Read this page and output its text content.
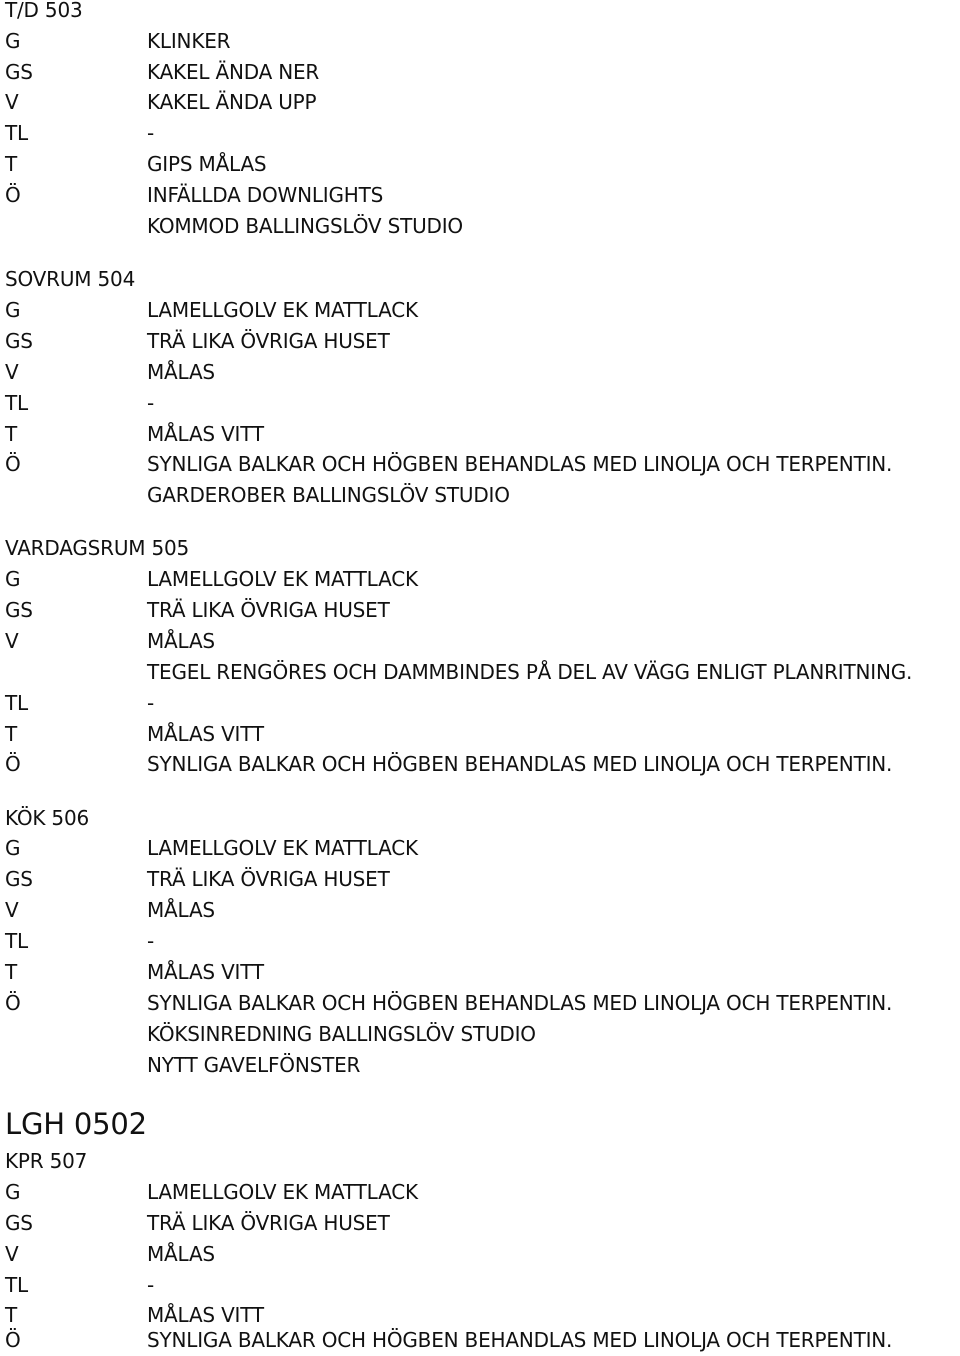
T/D 503
G	KLINKER
GS	KAKEL ÄNDA NER
V	KAKEL ÄNDA UPP
TL	-
T	GIPS MÅLAS
Ö	INFÄLLDA DOWNLIGHTS
KOMMOD BALLINGSLÖV STUDIO
SOVRUM 504
G	LAMELLGOLV EK MATTLACK
GS	TRÄ LIKA ÖVRIGA HUSET
V	MÅLAS
TL	-
T	MÅLAS VITT
Ö	SYNLIGA BALKAR OCH HÖGBEN BEHANDLAS MED LINOLJA OCH TERPENTIN.
GARDEROBER BALLINGSLÖV STUDIO
VARDAGSRUM 505
G	LAMELLGOLV EK MATTLACK
GS	TRÄ LIKA ÖVRIGA HUSET
V	MÅLAS
TEGEL RENGÖRES OCH DAMMBINDES PÅ DEL AV VÄGG ENLIGT PLANRITNING.
TL	-
T	MÅLAS VITT
Ö	SYNLIGA BALKAR OCH HÖGBEN BEHANDLAS MED LINOLJA OCH TERPENTIN.
KÖK 506
G	LAMELLGOLV EK MATTLACK
GS	TRÄ LIKA ÖVRIGA HUSET
V	MÅLAS
TL	-
T	MÅLAS VITT
Ö	SYNLIGA BALKAR OCH HÖGBEN BEHANDLAS MED LINOLJA OCH TERPENTIN.
KÖKSINREDNING BALLINGSLÖV STUDIO
NYTT GAVELFÖNSTER
LGH 0502
KPR 507
G	LAMELLGOLV EK MATTLACK
GS	TRÄ LIKA ÖVRIGA HUSET
V	MÅLAS
TL	-
T	MÅLAS VITT
Ö	SYNLIGA BALKAR OCH HÖGBEN BEHANDLAS MED LINOLJA OCH TERPENTIN.
